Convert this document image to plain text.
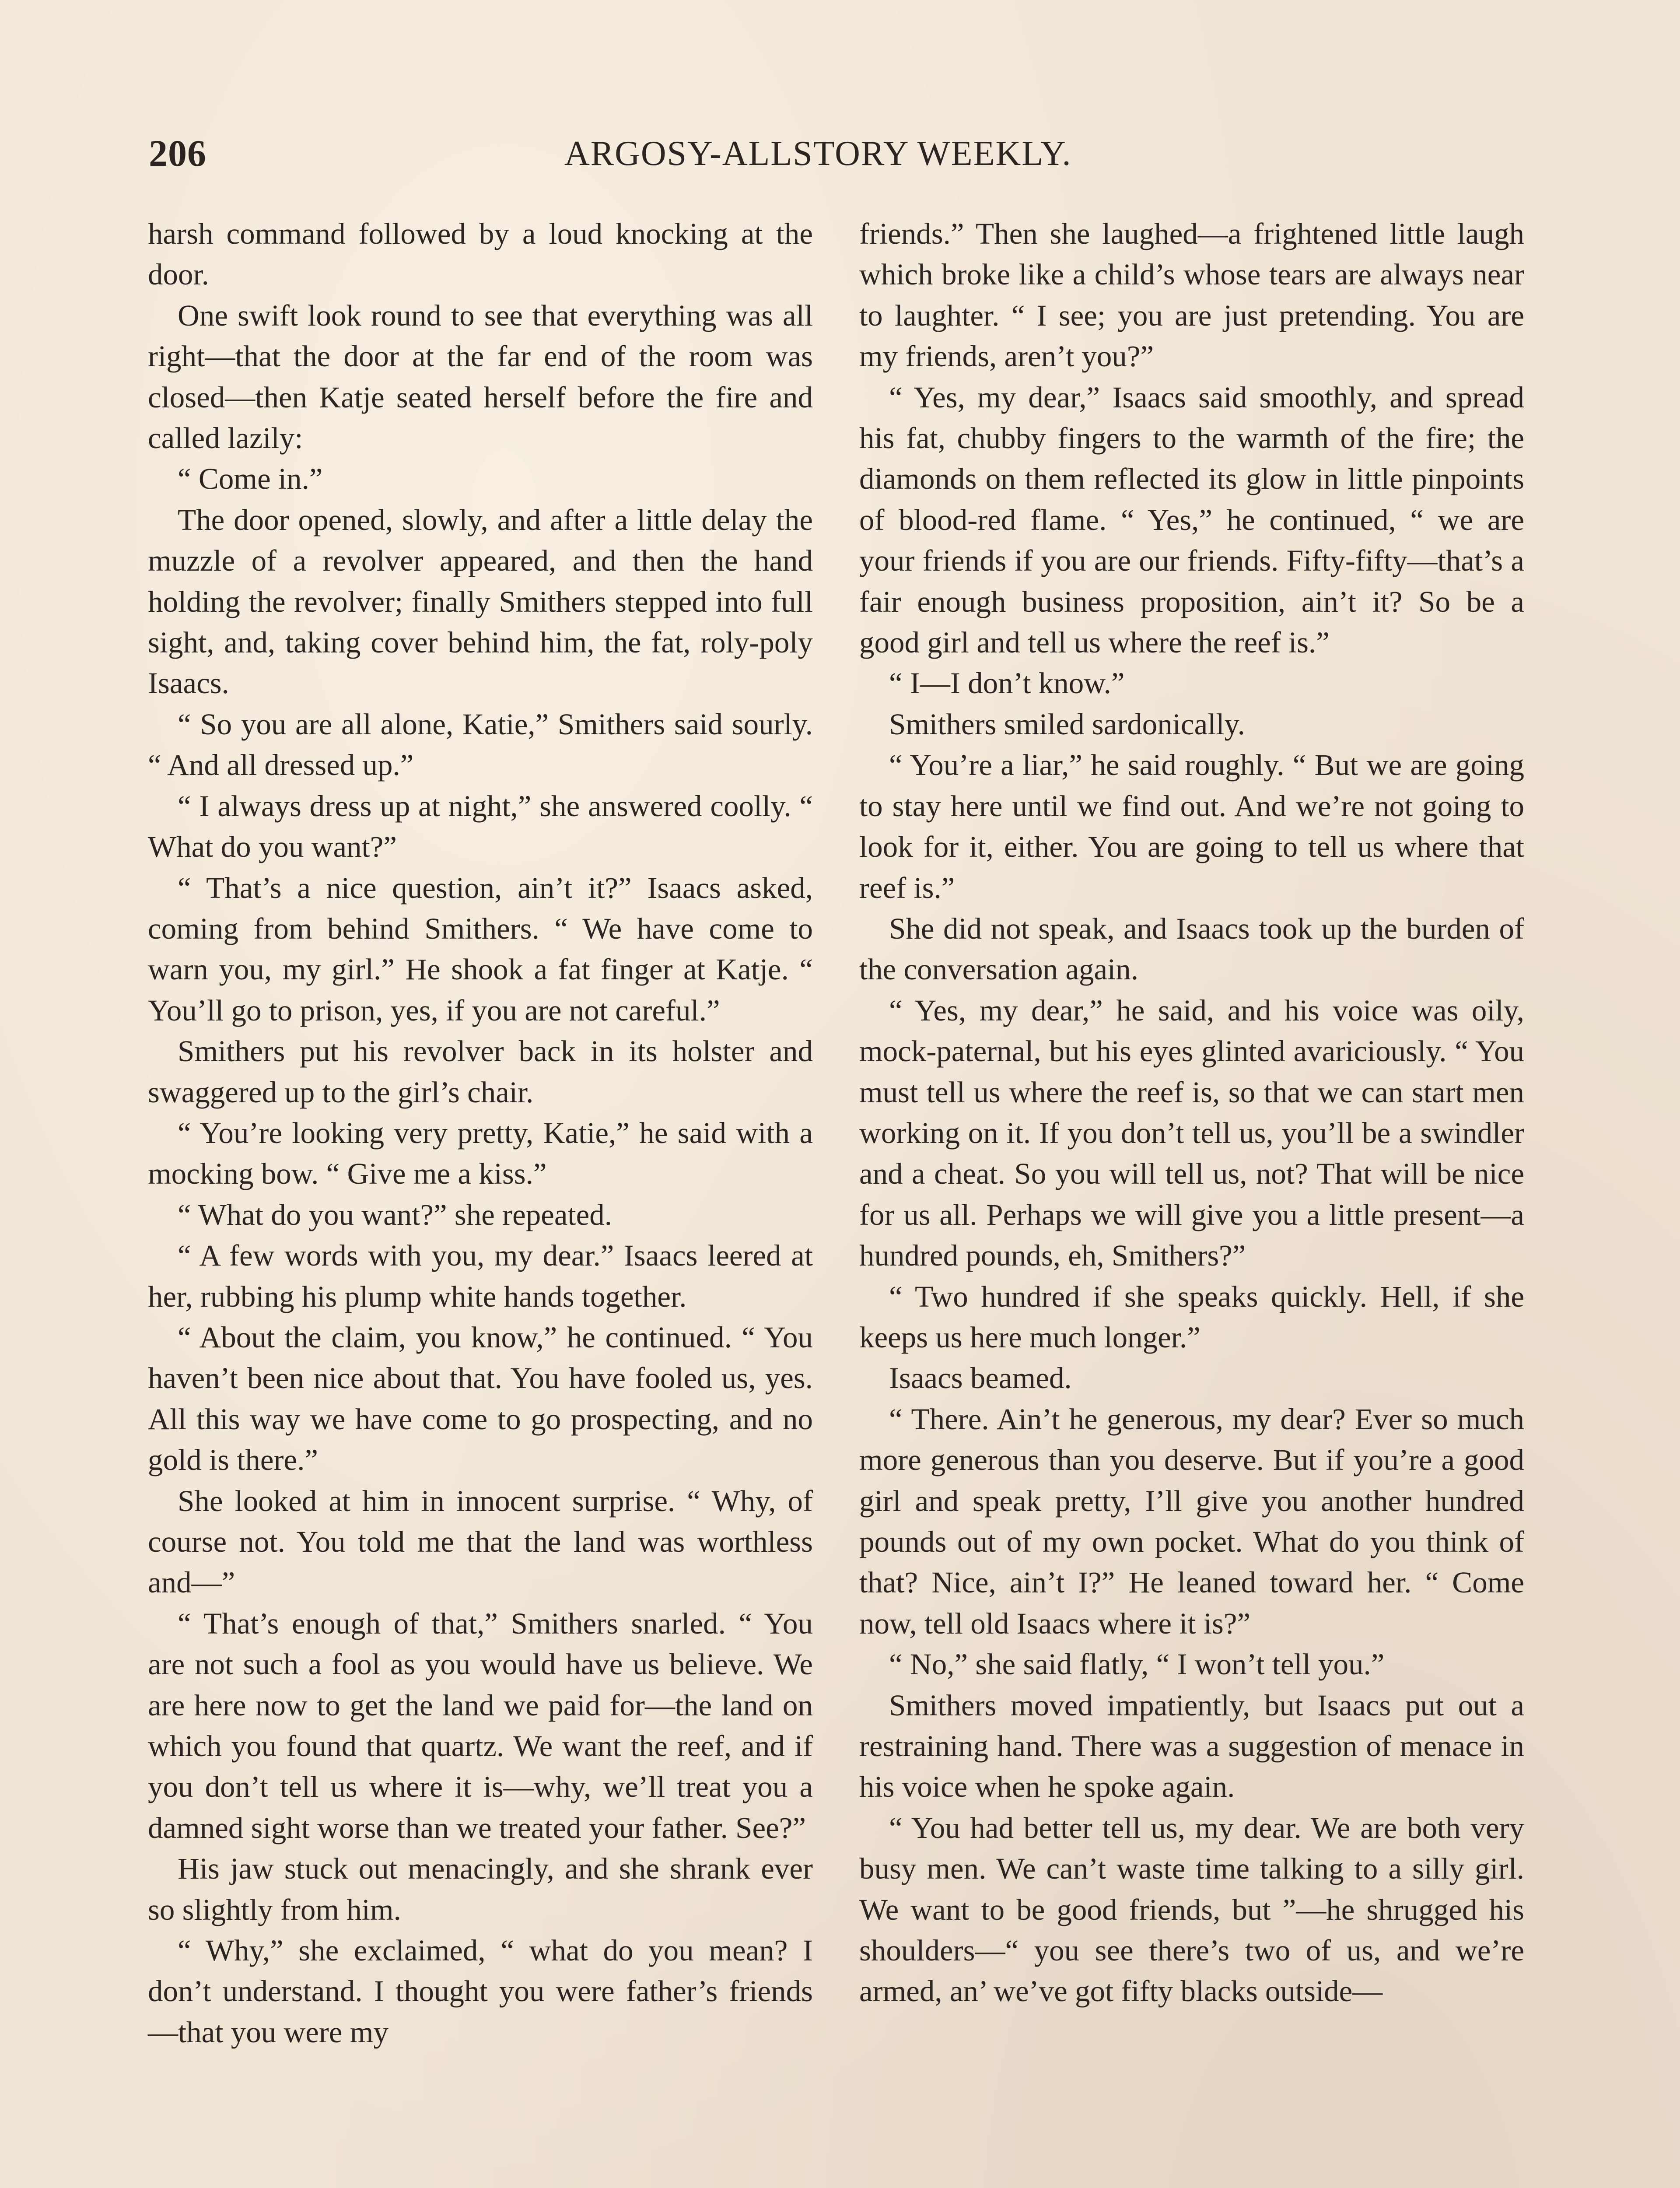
206	ARGOSY-ALLSTORY WEEKLY.

harsh command followed by a loud knocking at the door.

One swift look round to see that everything was all right—that the door at the far end of the room was closed—then Katje seated herself before the fire and called lazily:

“ Come in.”

The door opened, slowly, and after a little delay the muzzle of a revolver appeared, and then the hand holding the revolver; finally Smithers stepped into full sight, and, taking cover behind him, the fat, roly-poly Isaacs.

“ So you are all alone, Katie,” Smithers said sourly. “ And all dressed up.”

“ I always dress up at night,” she answered coolly. “ What do you want?”

“ That’s a nice question, ain’t it?” Isaacs asked, coming from behind Smithers. “ We have come to warn you, my girl.” He shook a fat finger at Katje. “ You’ll go to prison, yes, if you are not careful.”

Smithers put his revolver back in its holster and swaggered up to the girl’s chair.

“ You’re looking very pretty, Katie,” he said with a mocking bow. “ Give me a kiss.”

“ What do you want?” she repeated.

“ A few words with you, my dear.” Isaacs leered at her, rubbing his plump white hands together.

“ About the claim, you know,” he continued. “ You haven’t been nice about that. You have fooled us, yes. All this way we have come to go prospecting, and no gold is there.”

She looked at him in innocent surprise. “ Why, of course not. You told me that the land was worthless and—”

“ That’s enough of that,” Smithers snarled. “ You are not such a fool as you would have us believe. We are here now to get the land we paid for—the land on which you found that quartz. We want the reef, and if you don’t tell us where it is—why, we’ll treat you a damned sight worse than we treated your father. See?”

His jaw stuck out menacingly, and she shrank ever so slightly from him.

“ Why,” she exclaimed, “ what do you mean? I don’t understand. I thought you were father’s friends—that you were my

friends.” Then she laughed—a frightened little laugh which broke like a child’s whose tears are always near to laughter. “ I see; you are just pretending. You are my friends, aren’t you?”

“ Yes, my dear,” Isaacs said smoothly, and spread his fat, chubby fingers to the warmth of the fire; the diamonds on them reflected its glow in little pinpoints of blood-red flame. “ Yes,” he continued, “ we are your friends if you are our friends. Fifty-fifty—that’s a fair enough business proposition, ain’t it? So be a good girl and tell us where the reef is.”

“ I—I don’t know.”

Smithers smiled sardonically.

“ You’re a liar,” he said roughly. “ But we are going to stay here until we find out. And we’re not going to look for it, either. You are going to tell us where that reef is.”

She did not speak, and Isaacs took up the burden of the conversation again.

“ Yes, my dear,” he said, and his voice was oily, mock-paternal, but his eyes glinted avariciously. “ You must tell us where the reef is, so that we can start men working on it. If you don’t tell us, you’ll be a swindler and a cheat. So you will tell us, not? That will be nice for us all. Perhaps we will give you a little present—a hundred pounds, eh, Smithers?”

“ Two hundred if she speaks quickly. Hell, if she keeps us here much longer.”

Isaacs beamed.

“ There. Ain’t he generous, my dear? Ever so much more generous than you deserve. But if you’re a good girl and speak pretty, I’ll give you another hundred pounds out of my own pocket. What do you think of that? Nice, ain’t I?” He leaned toward her. “ Come now, tell old Isaacs where it is?”

“ No,” she said flatly, “ I won’t tell you.”

Smithers moved impatiently, but Isaacs put out a restraining hand. There was a suggestion of menace in his voice when he spoke again.

“ You had better tell us, my dear. We are both very busy men. We can’t waste time talking to a silly girl. We want to be good friends, but ”—he shrugged his shoulders—“ you see there’s two of us, and we’re armed, an’ we’ve got fifty blacks outside—
